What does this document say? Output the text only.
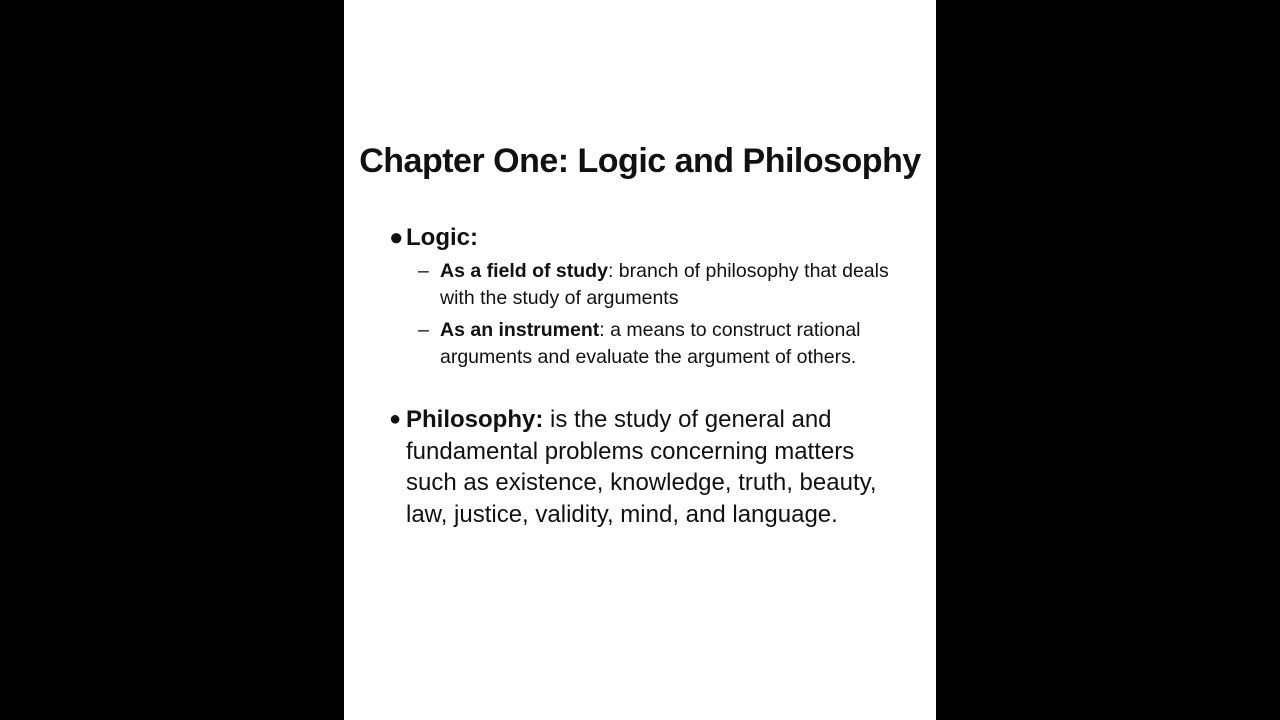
Chapter One: Logic and Philosophy
● Logic:
– As a field of study: branch of philosophy that deals with the study of arguments
– As an instrument: a means to construct rational arguments and evaluate the argument of others.
● Philosophy: is the study of general and fundamental problems concerning matters such as existence, knowledge, truth, beauty, law, justice, validity, mind, and language.
